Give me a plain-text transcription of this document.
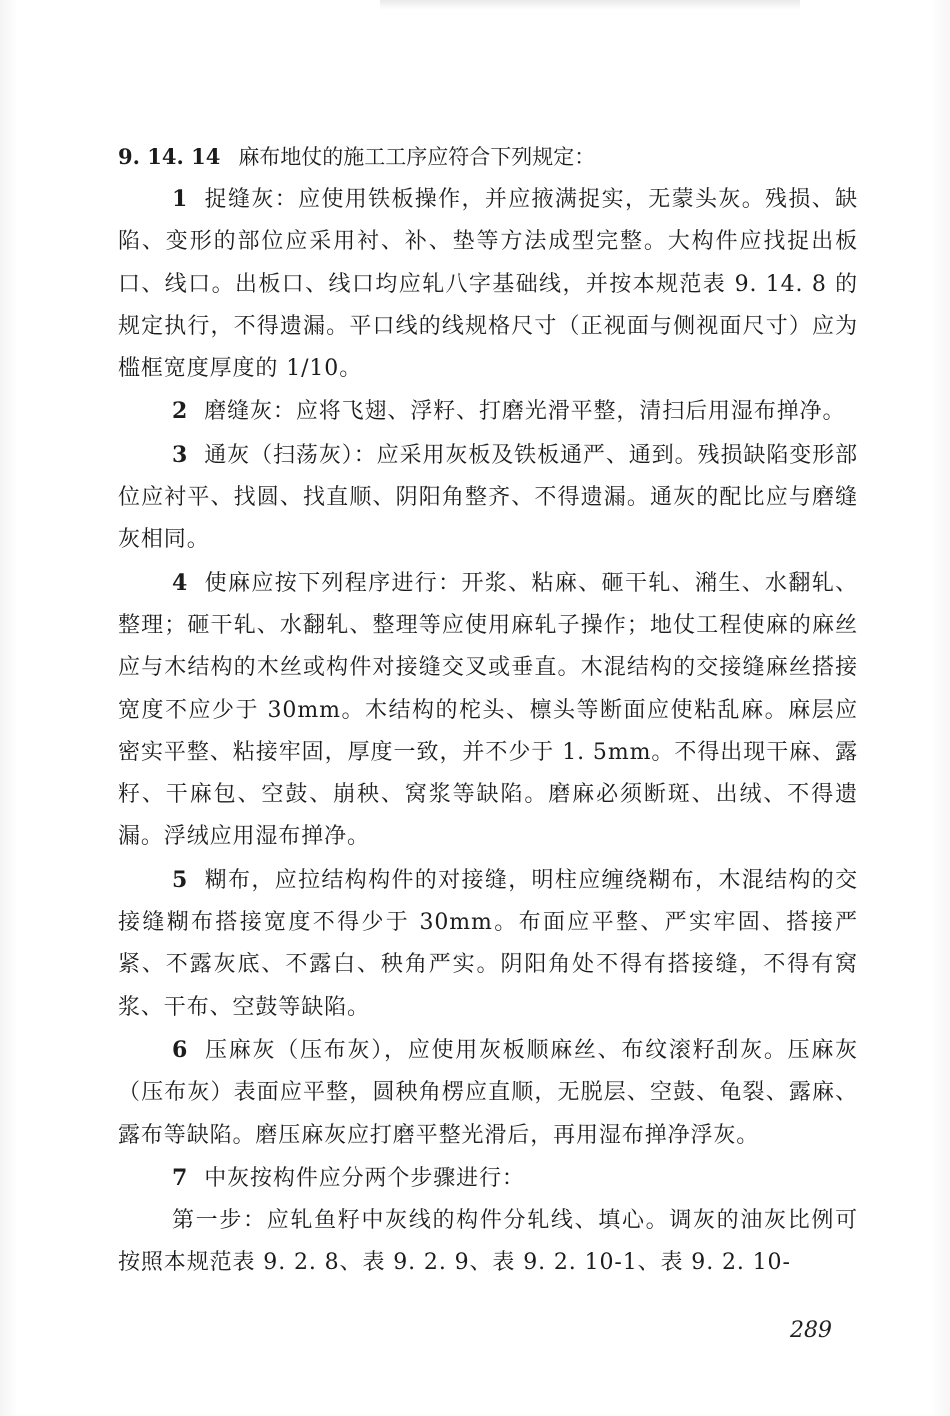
9. 14. 14 麻布地仗的施工工序应符合下列规定：

1 捉缝灰：应使用铁板操作，并应掖满捉实，无蒙头灰。残损、缺陷、变形的部位应采用衬、补、垫等方法成型完整。大构件应找捉出板口、线口。出板口、线口均应轧八字基础线，并按本规范表 9. 14. 8 的规定执行，不得遗漏。平口线的线规格尺寸（正视面与侧视面尺寸）应为槛框宽度厚度的 1/10。

2 磨缝灰：应将飞翅、浮籽、打磨光滑平整，清扫后用湿布掸净。

3 通灰（扫荡灰）：应采用灰板及铁板通严、通到。残损缺陷变形部位应衬平、找圆、找直顺、阴阳角整齐、不得遗漏。通灰的配比应与磨缝灰相同。

4 使麻应按下列程序进行：开浆、粘麻、砸干轧、潲生、水翻轧、整理；砸干轧、水翻轧、整理等应使用麻轧子操作；地仗工程使麻的麻丝应与木结构的木丝或构件对接缝交叉或垂直。木混结构的交接缝麻丝搭接宽度不应少于 30mm。木结构的柁头、檩头等断面应使粘乱麻。麻层应密实平整、粘接牢固，厚度一致，并不少于 1. 5mm。不得出现干麻、露籽、干麻包、空鼓、崩秧、窝浆等缺陷。磨麻必须断斑、出绒、不得遗漏。浮绒应用湿布掸净。

5 糊布，应拉结构构件的对接缝，明柱应缠绕糊布，木混结构的交接缝糊布搭接宽度不得少于 30mm。布面应平整、严实牢固、搭接严紧、不露灰底、不露白、秧角严实。阴阳角处不得有搭接缝，不得有窝浆、干布、空鼓等缺陷。

6 压麻灰（压布灰），应使用灰板顺麻丝、布纹滚籽刮灰。压麻灰（压布灰）表面应平整，圆秧角楞应直顺，无脱层、空鼓、龟裂、露麻、露布等缺陷。磨压麻灰应打磨平整光滑后，再用湿布掸净浮灰。

7 中灰按构件应分两个步骤进行：

第一步：应轧鱼籽中灰线的构件分轧线、填心。调灰的油灰比例可按照本规范表 9. 2. 8、表 9. 2. 9、表 9. 2. 10-1、表 9. 2. 10-

289
